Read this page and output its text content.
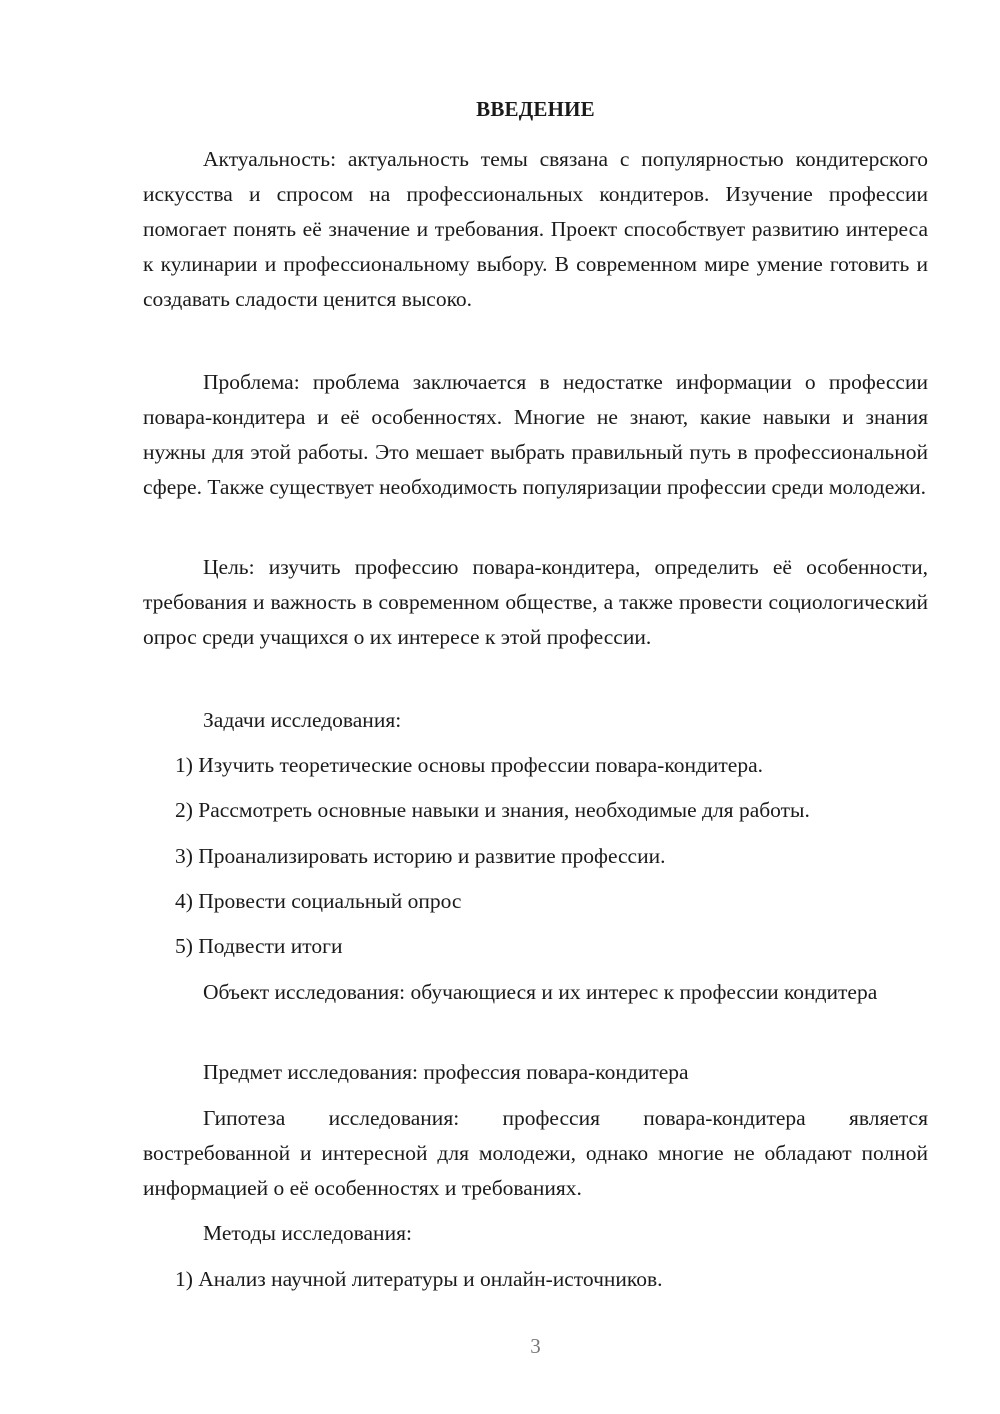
ВВЕДЕНИЕ

Актуальность: актуальность темы связана с популярностью кондитерского искусства и спросом на профессиональных кондитеров. Изучение профессии помогает понять её значение и требования. Проект способствует развитию интереса к кулинарии и профессиональному выбору. В современном мире умение готовить и создавать сладости ценится высоко.

Проблема: проблема заключается в недостатке информации о профессии повара-кондитера и её особенностях. Многие не знают, какие навыки и знания нужны для этой работы. Это мешает выбрать правильный путь в профессиональной сфере. Также существует необходимость популяризации профессии среди молодежи.

Цель: изучить профессию повара-кондитера, определить её особенности, требования и важность в современном обществе, а также провести социологический опрос среди учащихся о их интересе к этой профессии.

Задачи исследования:

1) Изучить теоретические основы профессии повара-кондитера.

2) Рассмотреть основные навыки и знания, необходимые для работы.

3) Проанализировать историю и развитие профессии.

4) Провести социальный опрос

5) Подвести итоги

Объект исследования: обучающиеся и их интерес к профессии кондитера

Предмет исследования: профессия повара-кондитера

Гипотеза исследования: профессия повара-кондитера является востребованной и интересной для молодежи, однако многие не обладают полной информацией о её особенностях и требованиях.

Методы исследования:

1) Анализ научной литературы и онлайн-источников.

3
